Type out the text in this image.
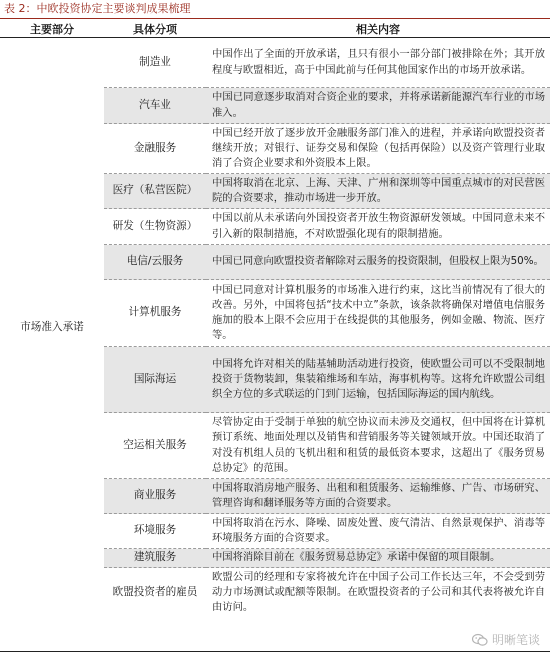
表 2：中欧投资协定主要谈判成果梳理
主要部分	具体分项	相关内容
市场准入承诺	制造业	中国作出了全面的开放承诺，且只有很小一部分部门被排除在外；其开放程度与欧盟相近，高于中国此前与任何其他国家作出的市场开放承诺。
	汽车业	中国已同意逐步取消对合资企业的要求，并将承诺新能源汽车行业的市场准入。
	金融服务	中国已经开放了逐步放开金融服务部门准入的进程，并承诺向欧盟投资者继续开放；对银行、证券交易和保险（包括再保险）以及资产管理行业取消了合资企业要求和外资股本上限。
	医疗（私营医院）	中国将取消在北京、上海、天津、广州和深圳等中国重点城市的对民营医院的合资要求，推动市场进一步开放。
	研发（生物资源）	中国以前从未承诺向外国投资者开放生物资源研发领域。中国同意未来不引入新的限制措施，不对欧盟强化现有的限制措施。
	电信/云服务	中国已同意向欧盟投资者解除对云服务的投资限制，但股权上限为50%。
	计算机服务	中国已同意对计算机服务的市场准入进行约束，这比当前情况有了很大的改善。另外，中国将包括“技术中立”条款，该条款将确保对增值电信服务施加的股本上限不会应用于在线提供的其他服务，例如金融、物流、医疗等。
	国际海运	中国将允许对相关的陆基辅助活动进行投资，使欧盟公司可以不受限制地投资于货物装卸，集装箱维场和车站，海事机构等。这将允许欧盟公司组织全方位的多式联运的门到门运输，包括国际海运的国内航线。
	空运相关服务	尽管协定由于受制于单独的航空协议而未涉及交通权，但中国将在计算机预订系统、地面处理以及销售和营销服务等关键领域开放。中国还取消了对没有机组人员的飞机出租和租赁的最低资本要求，这超出了《服务贸易总协定》的范围。
	商业服务	中国将取消房地产服务、出租和租赁服务、运输维修、广告、市场研究、管理咨询和翻译服务等方面的合资要求。
	环境服务	中国将取消在污水、降噪、固废处置、废气清洁、自然景观保护、消毒等环境服务方面的合资要求。
	建筑服务	中国将消除目前在《服务贸易总协定》承诺中保留的项目限制。
	欧盟投资者的雇员	欧盟公司的经理和专家将被允许在中国子公司工作长达三年，不会受到劳动力市场测试或配额等限制。在欧盟投资者的子公司和其代表将被允许自由访问。
明晰笔谈
